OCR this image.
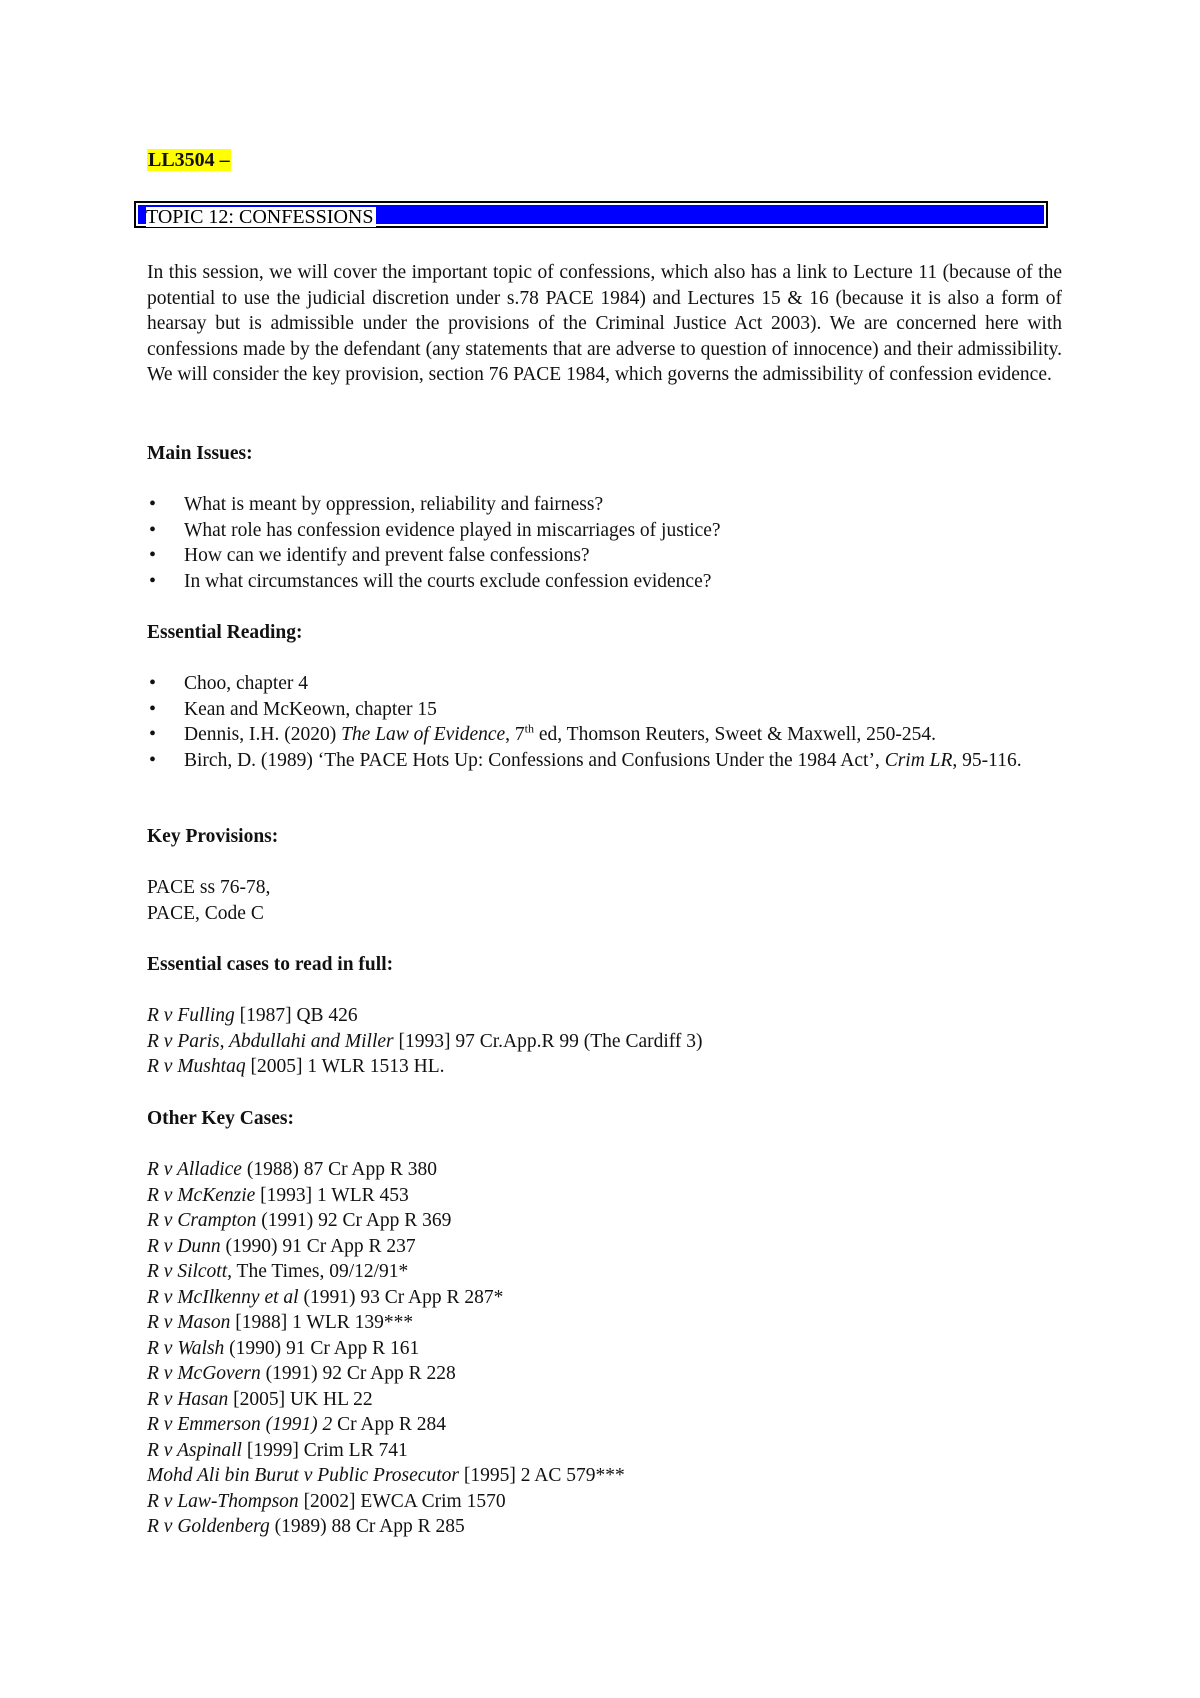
LL3504 –
TOPIC 12: CONFESSIONS

In this session, we will cover the important topic of confessions, which also has a link to Lecture 11 (because of the potential to use the judicial discretion under s.78 PACE 1984) and Lectures 15 & 16 (because it is also a form of hearsay but is admissible under the provisions of the Criminal Justice Act 2003). We are concerned here with confessions made by the defendant (any statements that are adverse to question of innocence) and their admissibility. We will consider the key provision, section 76 PACE 1984, which governs the admissibility of confession evidence.

Main Issues:

• What is meant by oppression, reliability and fairness?
• What role has confession evidence played in miscarriages of justice?
• How can we identify and prevent false confessions?
• In what circumstances will the courts exclude confession evidence?

Essential Reading:

• Choo, chapter 4
• Kean and McKeown, chapter 15
• Dennis, I.H. (2020) The Law of Evidence, 7th ed, Thomson Reuters, Sweet & Maxwell, 250-254.
• Birch, D. (1989) ‘The PACE Hots Up: Confessions and Confusions Under the 1984 Act’, Crim LR, 95-116.

Key Provisions:

PACE ss 76-78,
PACE, Code C

Essential cases to read in full:

R v Fulling [1987] QB 426
R v Paris, Abdullahi and Miller [1993] 97 Cr.App.R 99 (The Cardiff 3)
R v Mushtaq [2005] 1 WLR 1513 HL.

Other Key Cases:

R v Alladice (1988) 87 Cr App R 380
R v McKenzie [1993] 1 WLR 453
R v Crampton (1991) 92 Cr App R 369
R v Dunn (1990) 91 Cr App R 237
R v Silcott, The Times, 09/12/91*
R v McIlkenny et al (1991) 93 Cr App R 287*
R v Mason [1988] 1 WLR 139***
R v Walsh (1990) 91 Cr App R 161
R v McGovern (1991) 92 Cr App R 228
R v Hasan [2005] UK HL 22
R v Emmerson (1991) 2 Cr App R 284
R v Aspinall [1999] Crim LR 741
Mohd Ali bin Burut v Public Prosecutor [1995] 2 AC 579***
R v Law-Thompson [2002] EWCA Crim 1570
R v Goldenberg (1989) 88 Cr App R 285
